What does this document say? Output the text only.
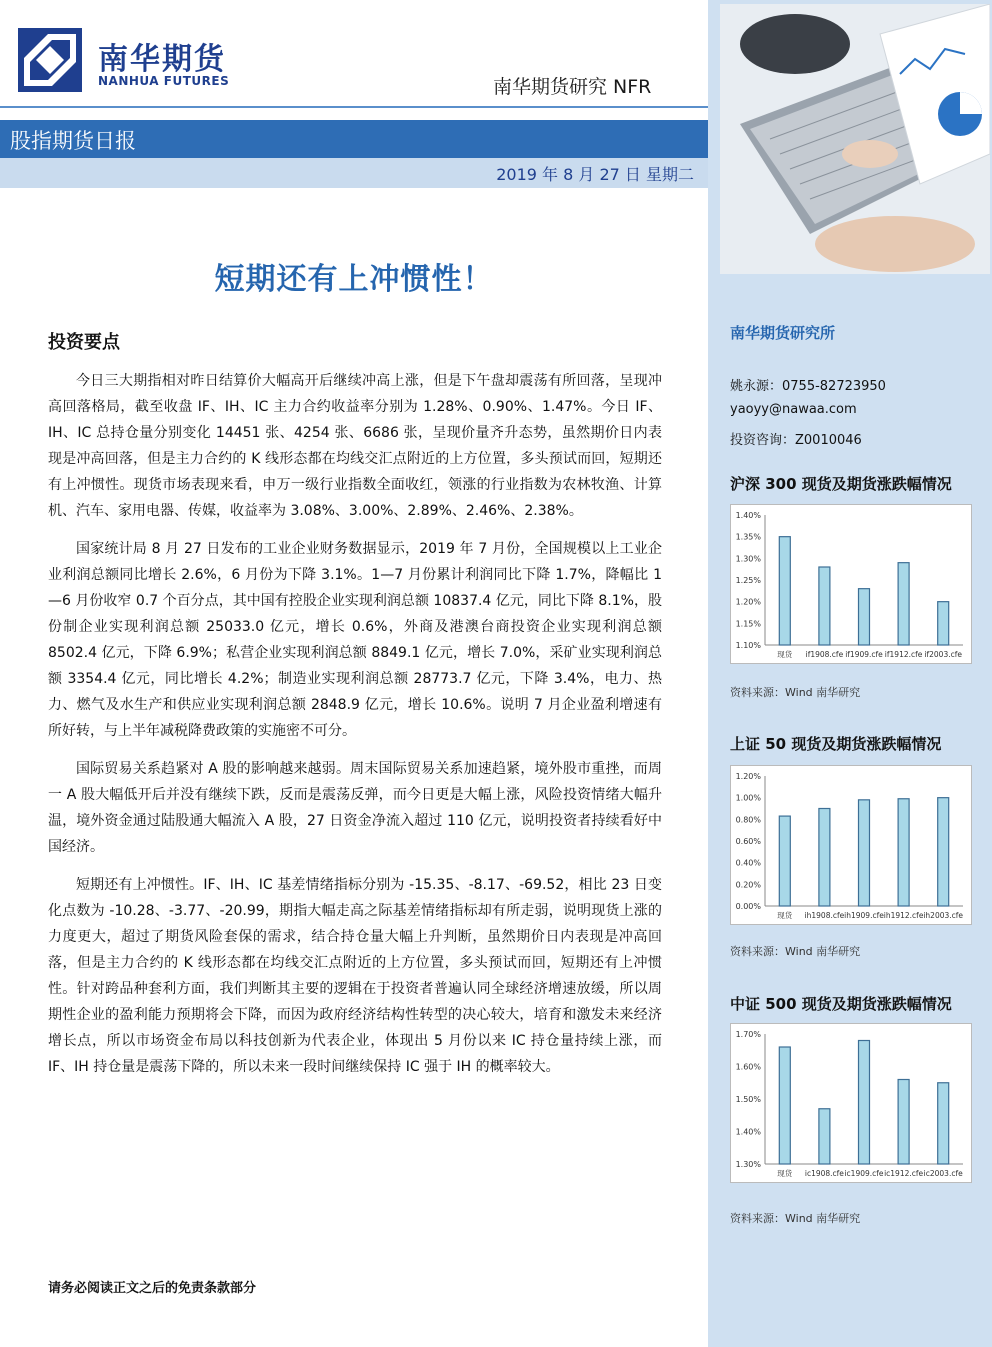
南华期货
NANHUA FUTURES	南华期货研究 NFR
股指期货日报
2019 年 8 月 27 日 星期二
短期还有上冲惯性！
投资要点

今日三大期指相对昨日结算价大幅高开后继续冲高上涨，但是下午盘却震荡有所回落，呈现冲高回落格局，截至收盘 IF、IH、IC 主力合约收益率分别为 1.28%、0.90%、1.47%。今日 IF、IH、IC 总持仓量分别变化 14451 张、4254 张、6686 张，呈现价量齐升态势，虽然期价日内表现是冲高回落，但是主力合约的 K 线形态都在均线交汇点附近的上方位置，多头预试而回，短期还有上冲惯性。现货市场表现来看，申万一级行业指数全面收红，领涨的行业指数为农林牧渔、计算机、汽车、家用电器、传媒，收益率为 3.08%、3.00%、2.89%、2.46%、2.38%。

国家统计局 8 月 27 日发布的工业企业财务数据显示，2019 年 7 月份，全国规模以上工业企业利润总额同比增长 2.6%，6 月份为下降 3.1%。1—7 月份累计利润同比下降 1.7%，降幅比 1—6 月份收窄 0.7 个百分点，其中国有控股企业实现利润总额 10837.4 亿元，同比下降 8.1%，股份制企业实现利润总额 25033.0 亿元，增长 0.6%，外商及港澳台商投资企业实现利润总额 8502.4 亿元，下降 6.9%；私营企业实现利润总额 8849.1 亿元，增长 7.0%，采矿业实现利润总额 3354.4 亿元，同比增长 4.2%；制造业实现利润总额 28773.7 亿元，下降 3.4%，电力、热力、燃气及水生产和供应业实现利润总额 2848.9 亿元，增长 10.6%。说明 7 月企业盈利增速有所好转，与上半年减税降费政策的实施密不可分。

国际贸易关系趋紧对 A 股的影响越来越弱。周末国际贸易关系加速趋紧，境外股市重挫，而周一 A 股大幅低开后并没有继续下跌，反而是震荡反弹，而今日更是大幅上涨，风险投资情绪大幅升温，境外资金通过陆股通大幅流入 A 股，27 日资金净流入超过 110 亿元，说明投资者持续看好中国经济。

短期还有上冲惯性。IF、IH、IC 基差情绪指标分别为 -15.35、-8.17、-69.52，相比 23 日变化点数为 -10.28、-3.77、-20.99，期指大幅走高之际基差情绪指标却有所走弱，说明现货上涨的力度更大，超过了期货风险套保的需求，结合持仓量大幅上升判断，虽然期价日内表现是冲高回落，但是主力合约的 K 线形态都在均线交汇点附近的上方位置，多头预试而回，短期还有上冲惯性。针对跨品种套利方面，我们判断其主要的逻辑在于投资者普遍认同全球经济增速放缓，所以周期性企业的盈利能力预期将会下降，而因为政府经济结构性转型的决心较大，培育和激发未来经济增长点，所以市场资金布局以科技创新为代表企业，体现出 5 月份以来 IC 持仓量持续上涨，而 IF、IH 持仓量是震荡下降的，所以未来一段时间继续保持 IC 强于 IH 的概率较大。

请务必阅读正文之后的免责条款部分
南华期货研究所
姚永源：0755-82723950
yaoyy@nawaa.com
投资咨询：Z0010046
沪深 300 现货及期货涨跌幅情况
1.40%
1.35%
1.30%
1.25%
1.20%
1.15%
1.10%
现货 if1908.cfe if1909.cfe if1912.cfe if2003.cfe
资料来源：Wind 南华研究
上证 50 现货及期货涨跌幅情况
1.20%
1.00%
0.80%
0.60%
0.40%
0.20%
0.00%
现货 ih1908.cfe ih1909.cfe ih1912.cfe ih2003.cfe
资料来源：Wind 南华研究
中证 500 现货及期货涨跌幅情况
1.70%
1.60%
1.50%
1.40%
1.30%
现货 ic1908.cfe ic1909.cfe ic1912.cfe ic2003.cfe
资料来源：Wind 南华研究
